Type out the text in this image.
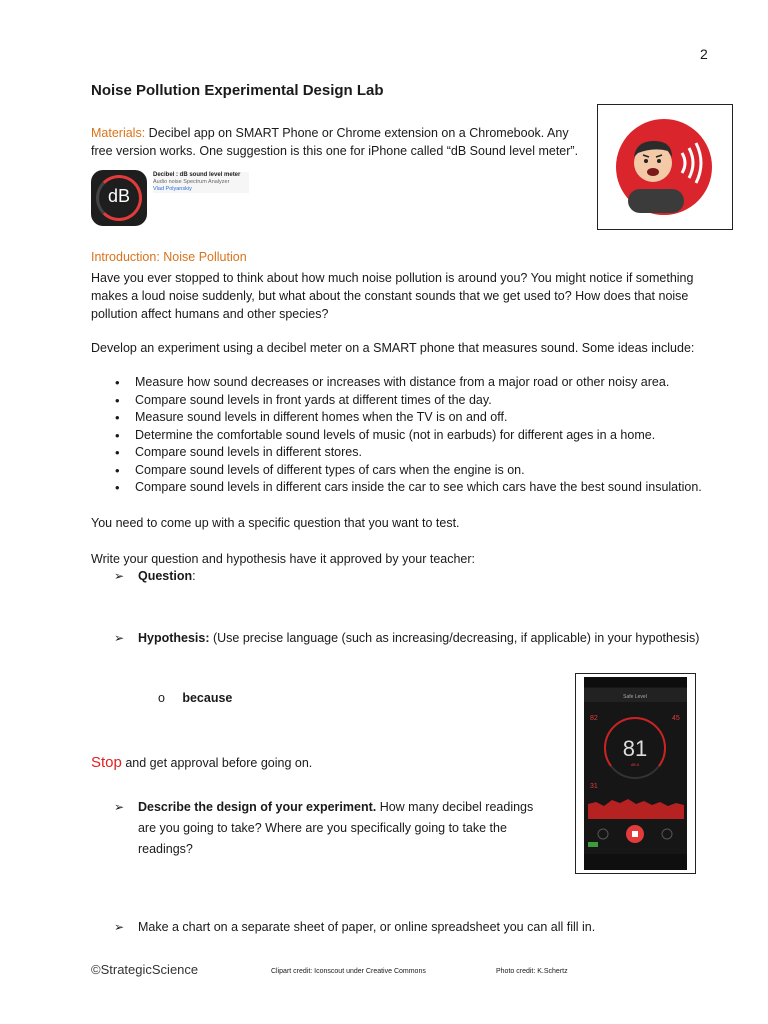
2
Noise Pollution Experimental Design Lab
Materials: Decibel app on SMART Phone or Chrome extension on a Chromebook. Any free version works. One suggestion is this one for iPhone called “dB Sound level meter”.
dB
Decibel : dB sound level meter
Audio noise Spectrum Analyzer
Vlad Polyanskiy
Introduction: Noise Pollution
Have you ever stopped to think about how much noise pollution is around you? You might notice if something makes a loud noise suddenly, but what about the constant sounds that we get used to? How does that noise pollution affect humans and other species?
Develop an experiment using a decibel meter on a SMART phone that measures sound. Some ideas include:
• Measure how sound decreases or increases with distance from a major road or other noisy area.
• Compare sound levels in front yards at different times of the day.
• Measure sound levels in different homes when the TV is on and off.
• Determine the comfortable sound levels of music (not in earbuds) for different ages in a home.
• Compare sound levels in different stores.
• Compare sound levels of different types of cars when the engine is on.
• Compare sound levels in different cars inside the car to see which cars have the best sound insulation.
You need to come up with a specific question that you want to test.
Write your question and hypothesis have it approved by your teacher:
➢ Question:
➢ Hypothesis: (Use precise language (such as increasing/decreasing, if applicable) in your hypothesis)
o because
Stop and get approval before going on.
➢ Describe the design of your experiment. How many decibel readings are you going to take? Where are you specifically going to take the readings?
Safe Level
82	45
81
dB A
31
➢ Make a chart on a separate sheet of paper, or online spreadsheet you can all fill in.
©StrategicScience	Clipart credit: Iconscout under Creative Commons	Photo credit: K.Schertz
